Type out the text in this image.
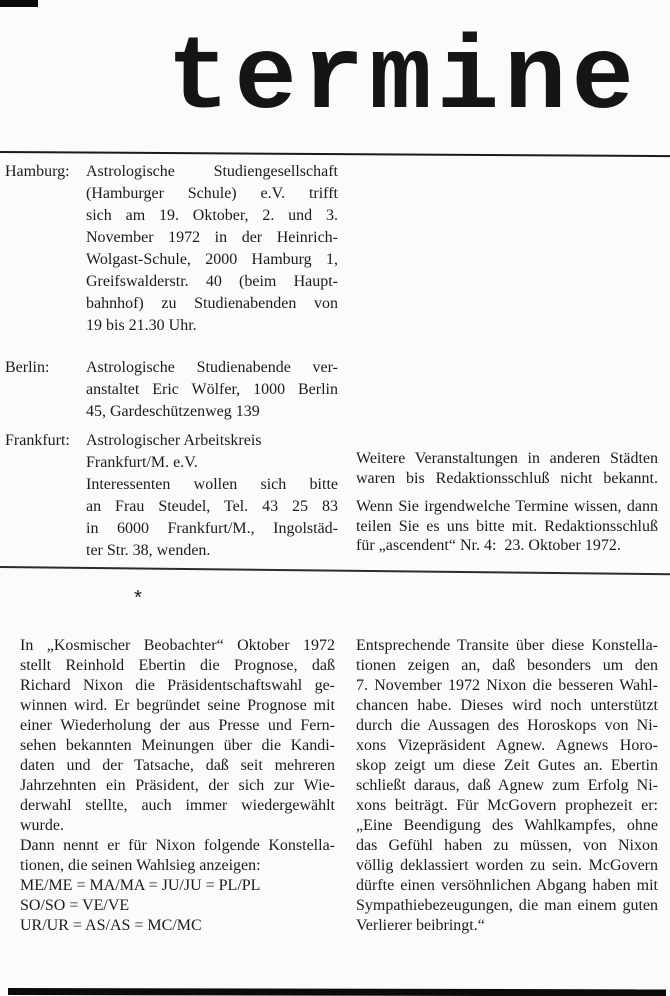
termine
Hamburg:	Astrologische Studiengesellschaft
(Hamburger Schule) e.V. trifft
sich am 19. Oktober, 2. und 3.
November 1972 in der Heinrich-
Wolgast-Schule, 2000 Hamburg 1,
Greifswalderstr. 40 (beim Haupt-
bahnhof) zu Studienabenden von
19 bis 21.30 Uhr.
Berlin:	Astrologische Studienabende ver-
anstaltet Eric Wölfer, 1000 Berlin
45, Gardeschützenweg 139
Frankfurt:	Astrologischer Arbeitskreis
Frankfurt/M. e.V.
Interessenten wollen sich bitte
an Frau Steudel, Tel. 43 25 83
in 6000 Frankfurt/M., Ingolstäd-
ter Str. 38, wenden.
Weitere Veranstaltungen in anderen Städten
waren bis Redaktionsschluß nicht bekannt.
Wenn Sie irgendwelche Termine wissen, dann
teilen Sie es uns bitte mit. Redaktionsschluß
für „ascendent“ Nr. 4:  23. Oktober 1972.
*
In „Kosmischer Beobachter“ Oktober 1972
stellt Reinhold Ebertin die Prognose, daß
Richard Nixon die Präsidentschaftswahl ge-
winnen wird. Er begründet seine Prognose mit
einer Wiederholung der aus Presse und Fern-
sehen bekannten Meinungen über die Kandi-
daten und der Tatsache, daß seit mehreren
Jahrzehnten ein Präsident, der sich zur Wie-
derwahl stellte, auch immer wiedergewählt
wurde.
Dann nennt er für Nixon folgende Konstella-
tionen, die seinen Wahlsieg anzeigen:
ME/ME = MA/MA = JU/JU = PL/PL
SO/SO = VE/VE
UR/UR = AS/AS = MC/MC
Entsprechende Transite über diese Konstella-
tionen zeigen an, daß besonders um den
7. November 1972 Nixon die besseren Wahl-
chancen habe. Dieses wird noch unterstützt
durch die Aussagen des Horoskops von Ni-
xons Vizepräsident Agnew. Agnews Horo-
skop zeigt um diese Zeit Gutes an. Ebertin
schließt daraus, daß Agnew zum Erfolg Ni-
xons beiträgt. Für McGovern prophezeit er:
„Eine Beendigung des Wahlkampfes, ohne
das Gefühl haben zu müssen, von Nixon
völlig deklassiert worden zu sein. McGovern
dürfte einen versöhnlichen Abgang haben mit
Sympathiebezeugungen, die man einem guten
Verlierer beibringt.“
